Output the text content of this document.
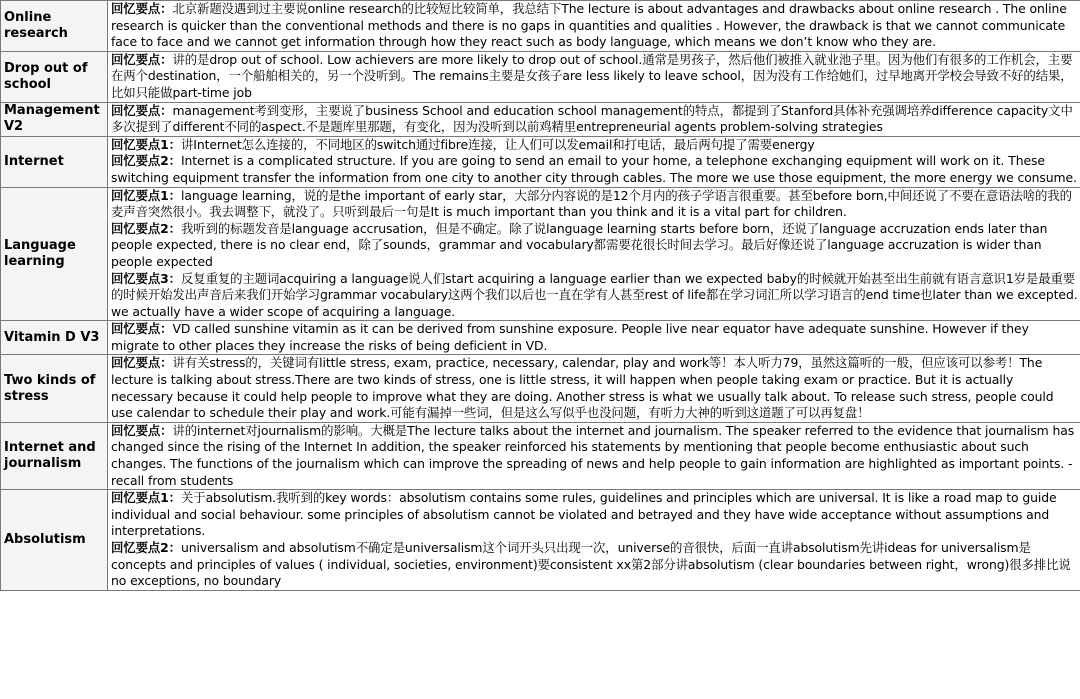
Online research	回忆要点：北京新题没遇到过主要说online research的比较短比较简单，我总结下The lecture is about advantages and drawbacks about online research . The online research is quicker than the conventional methods and there is no gaps in quantities and qualities . However, the drawback is that we cannot communicate face to face and we cannot get information through how they react such as body language, which means we don’t know who they are.

Drop out of school	回忆要点：讲的是drop out of school. Low achievers are more likely to drop out of school.通常是男孩子，然后他们被推入就业池子里。因为他们有很多的工作机会，主要在两个destination，一个船舶相关的，另一个没听到。The remains主要是女孩子are less likely to leave school，因为没有工作给她们，过早地离开学校会导致不好的结果，比如只能做part-time job

Management V2	回忆要点：management考到变形，主要说了business School and education school management的特点，都提到了Stanford具体补充强调培养difference capacity文中多次提到了different不同的aspect.不是题库里那题，有变化，因为没听到以前鸡精里entrepreneurial agents problem-solving strategies

Internet	回忆要点1：讲Internet怎么连接的，不同地区的switch通过fibre连接，让人们可以发email和打电话，最后两句提了需要energy
回忆要点2：Internet is a complicated structure. If you are going to send an email to your home, a telephone exchanging equipment will work on it. These switching equipment transfer the information from one city to another city through cables. The more we use those equipment, the more energy we consume.

Language learning	回忆要点1：language learning，说的是the important of early star，大部分内容说的是12个月内的孩子学语言很重要。甚至before born,中间还说了不要在意语法啥的我的麦声音突然很小。我去调整下，就没了。只听到最后一句是It is much important than you think and it is a vital part for children.
回忆要点2：我听到的标题发音是language accrusation，但是不确定。除了说language learning starts before born，还说了language accruzation ends later than people expected, there is no clear end，除了sounds，grammar and vocabulary都需要花很长时间去学习。最后好像还说了language accruzation is wider than people expected
回忆要点3：反复重复的主题词acquiring a language说人们start acquiring a language earlier than we expected baby的时候就开始甚至出生前就有语言意识1岁是最重要的时候开始发出声音后来我们开始学习grammar vocabulary这两个我们以后也一直在学有人甚至rest of life都在学习词汇所以学习语言的end time也later than we excepted. we actually have a wider scope of acquiring a language.

Vitamin D V3	回忆要点：VD called sunshine vitamin as it can be derived from sunshine exposure. People live near equator have adequate sunshine. However if they migrate to other places they increase the risks of being deficient in VD.

Two kinds of stress	回忆要点：讲有关stress的，关键词有little stress, exam, practice, necessary, calendar, play and work等！本人听力79，虽然这篇听的一般，但应该可以参考！The lecture is talking about stress.There are two kinds of stress, one is little stress, it will happen when people taking exam or practice. But it is actually necessary because it could help people to improve what they are doing. Another stress is what we usually talk about. To release such stress, people could use calendar to schedule their play and work.可能有漏掉一些词，但是这么写似乎也没问题，有听力大神的听到这道题了可以再复盘！

Internet and journalism	回忆要点：讲的internet对journalism的影响。大概是The lecture talks about the internet and journalism. The speaker referred to the evidence that journalism has changed since the rising of the Internet In addition, the speaker reinforced his statements by mentioning that people become enthusiastic about such changes. The functions of the journalism which can improve the spreading of news and help people to gain information are highlighted as important points. - recall from students

Absolutism	回忆要点1：关于absolutism.我听到的key words：absolutism contains some rules, guidelines and principles which are universal. It is like a road map to guide individual and social behaviour. some principles of absolutism cannot be violated and betrayed and they have wide acceptance without assumptions and interpretations.
回忆要点2：universalism and absolutism不确定是universalism这个词开头只出现一次，universe的音很快，后面一直讲absolutism先讲ideas for universalism是concepts and principles of values ( individual, societies, environment)要consistent xx第2部分讲absolutism (clear boundaries between right，wrong)很多排比说no exceptions, no boundary
